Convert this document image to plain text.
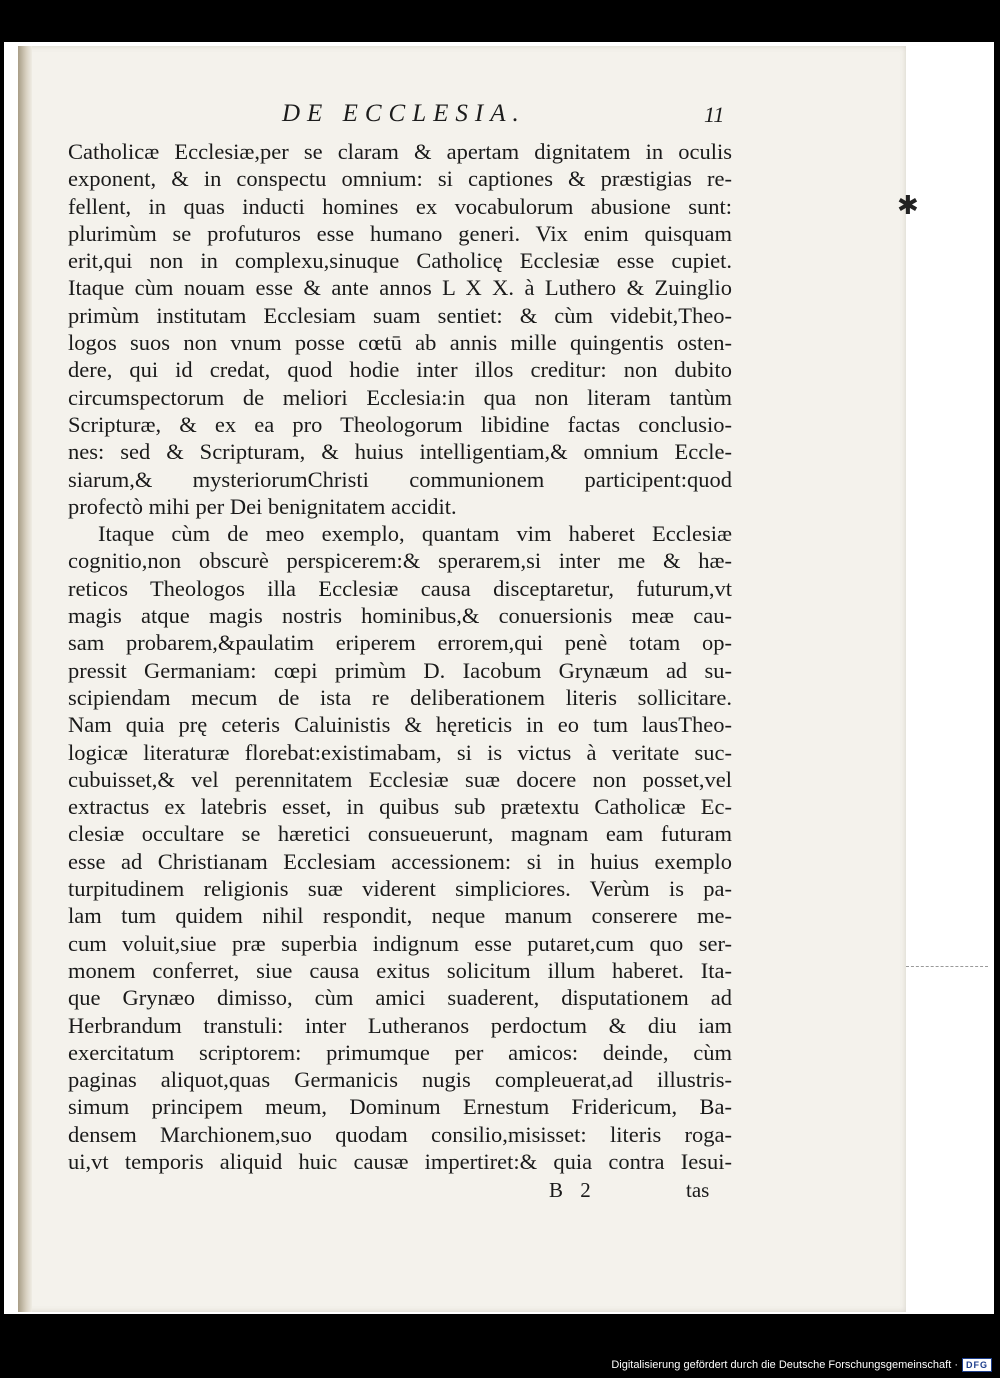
DE ECCLESIA.	11
Catholicæ Ecclesiæ,per se claram & apertam dignitatem in oculis
exponent, & in conspectu omnium: si captiones & præstigias re-
fellent, in quas inducti homines ex vocabulorum abusione sunt:
plurimùm se profuturos esse humano generi. Vix enim quisquam
erit,qui non in complexu,sinuque Catholicę Ecclesiæ esse cupiet.
Itaque cùm nouam esse & ante annos L X X. à Luthero & Zuinglio
primùm institutam Ecclesiam suam sentiet: & cùm videbit,Theo-
logos suos non vnum posse cœtū ab annis mille quingentis osten-
dere, qui id credat, quod hodie inter illos creditur: non dubito
circumspectorum de meliori Ecclesia:in qua non literam tantùm
Scripturæ, & ex ea pro Theologorum libidine factas conclusio-
nes: sed & Scripturam, & huius intelligentiam,& omnium Eccle-
siarum,& mysteriorumChristi communionem participent:quod
profectò mihi per Dei benignitatem accidit.
Itaque cùm de meo exemplo, quantam vim haberet Ecclesiæ
cognitio,non obscurè perspicerem:& sperarem,si inter me & hæ-
reticos Theologos illa Ecclesiæ causa disceptaretur, futurum,vt
magis atque magis nostris hominibus,& conuersionis meæ cau-
sam probarem,&paulatim eriperem errorem,qui penè totam op-
pressit Germaniam: cœpi primùm D. Iacobum Grynæum ad su-
scipiendam mecum de ista re deliberationem literis sollicitare.
Nam quia prę ceteris Caluinistis & hęreticis in eo tum lausTheo-
logicæ literaturæ florebat:existimabam, si is victus à veritate suc-
cubuisset,& vel perennitatem Ecclesiæ suæ docere non posset,vel
extractus ex latebris esset, in quibus sub prætextu Catholicæ Ec-
clesiæ occultare se hæretici consueuerunt, magnam eam futuram
esse ad Christianam Ecclesiam accessionem: si in huius exemplo
turpitudinem religionis suæ viderent simpliciores. Verùm is pa-
lam tum quidem nihil respondit, neque manum conserere me-
cum voluit,siue præ superbia indignum esse putaret,cum quo ser-
monem conferret, siue causa exitus solicitum illum haberet. Ita-
que Grynæo dimisso, cùm amici suaderent, disputationem ad
Herbrandum transtuli: inter Lutheranos perdoctum & diu iam
exercitatum scriptorem: primumque per amicos: deinde, cùm
paginas aliquot,quas Germanicis nugis compleuerat,ad illustris-
simum principem meum, Dominum Ernestum Fridericum, Ba-
densem Marchionem,suo quodam consilio,misisset: literis roga-
ui,vt temporis aliquid huic causæ impertiret:& quia contra Iesui-
✱
B 2	tas
Digitalisierung gefördert durch die Deutsche Forschungsgemeinschaft · DFG
